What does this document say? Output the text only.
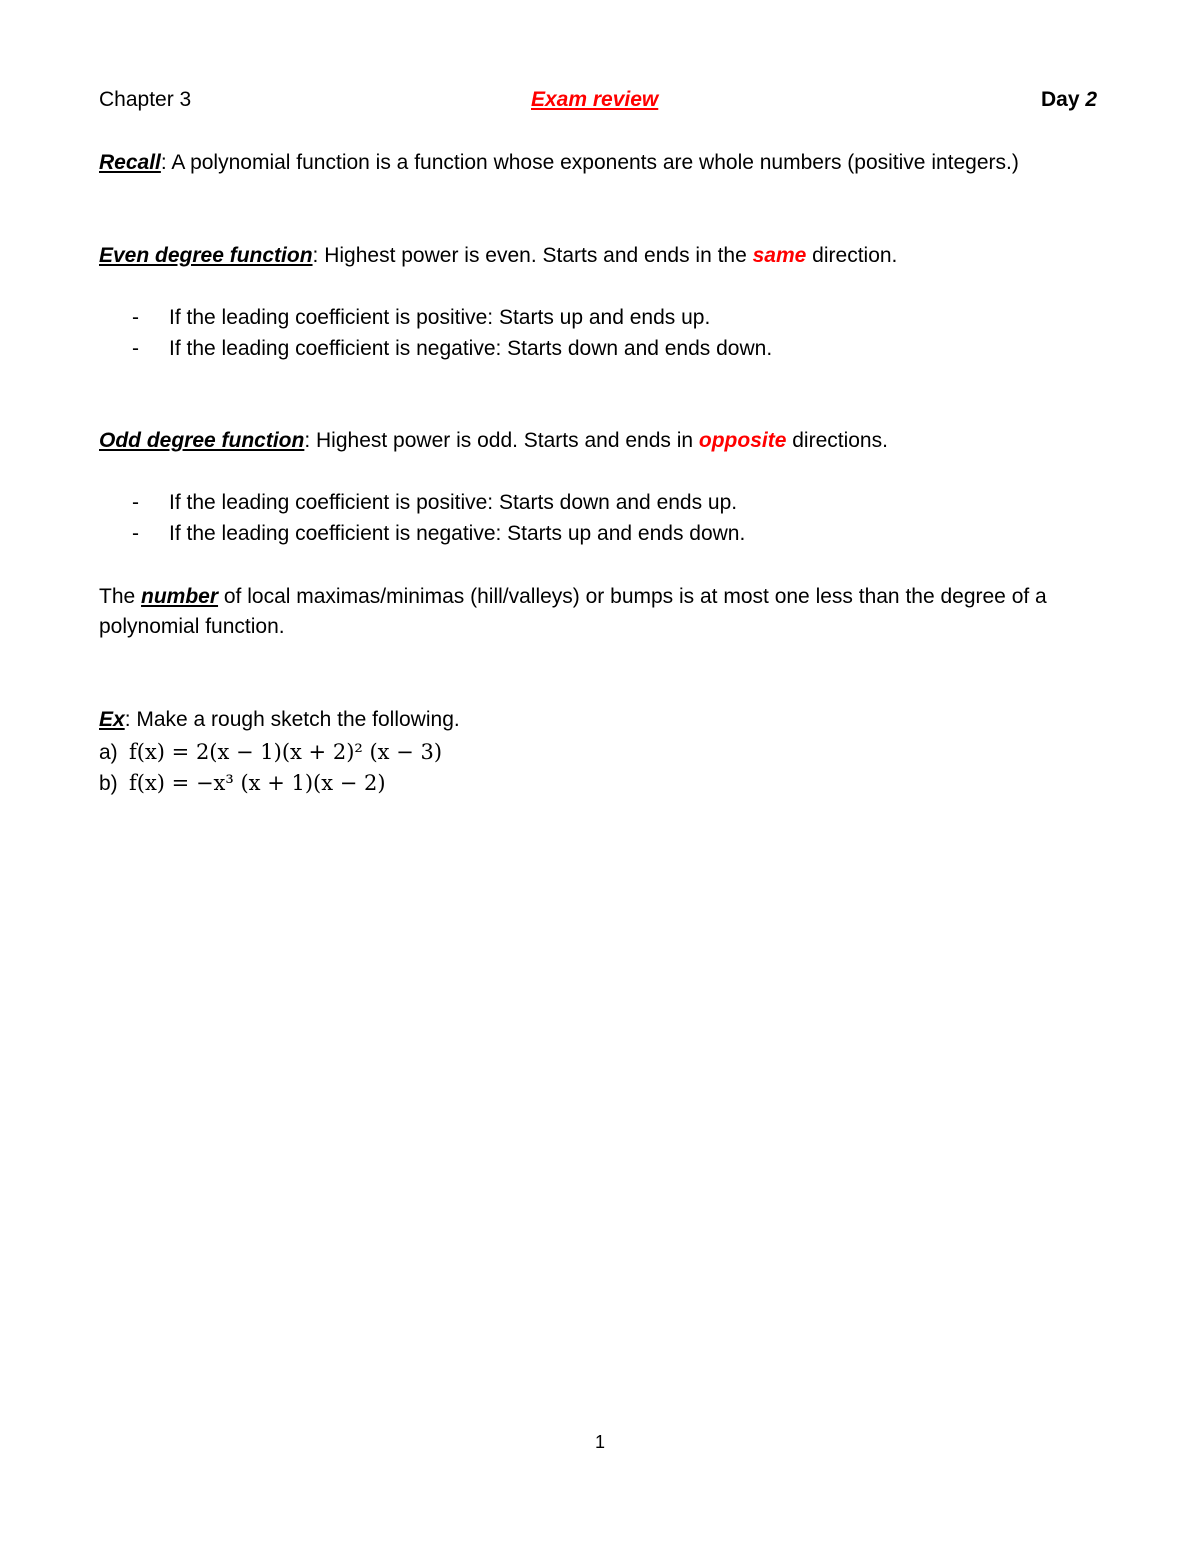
Chapter 3	Exam review	Day 2
Recall: A polynomial function is a function whose exponents are whole numbers (positive integers.)
Even degree function: Highest power is even. Starts and ends in the same direction.
- If the leading coefficient is positive: Starts up and ends up.
- If the leading coefficient is negative: Starts down and ends down.
Odd degree function: Highest power is odd. Starts and ends in opposite directions.
- If the leading coefficient is positive: Starts down and ends up.
- If the leading coefficient is negative: Starts up and ends down.
The number of local maximas/minimas (hill/valleys) or bumps is at most one less than the degree of a
polynomial function.
Ex: Make a rough sketch the following.
a) f(x) = 2(x − 1)(x + 2)² (x − 3)
b) f(x) = −x³ (x + 1)(x − 2)
1
